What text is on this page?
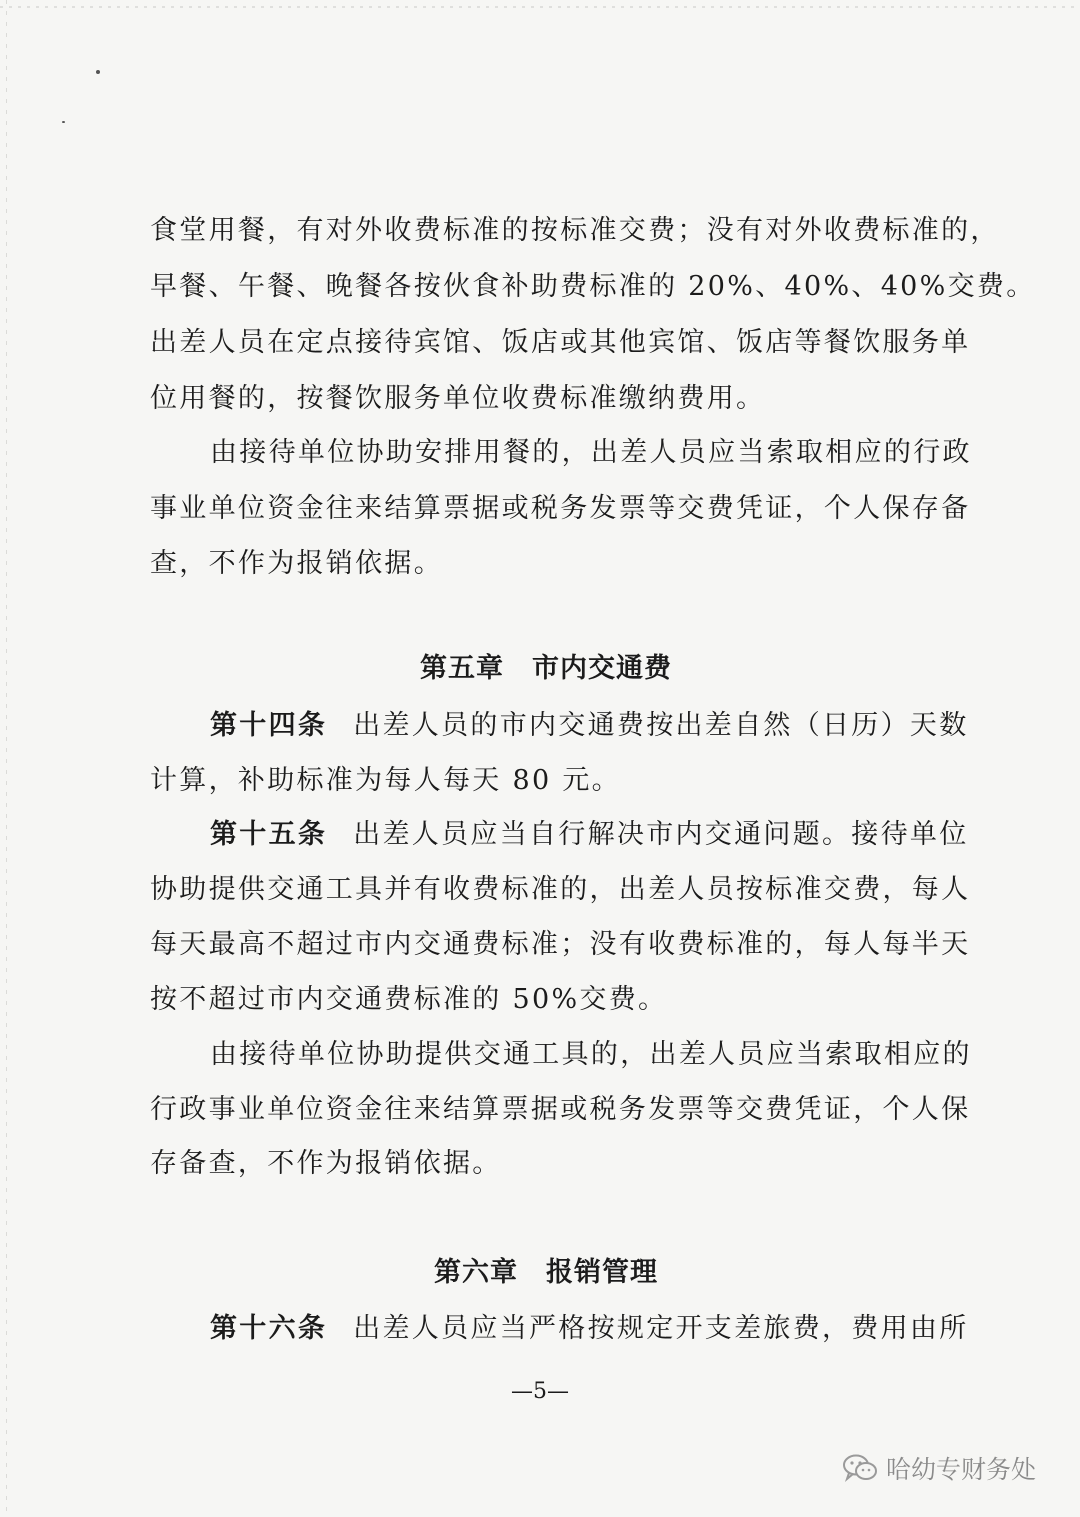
食堂用餐，有对外收费标准的按标准交费；没有对外收费标准的，
早餐、午餐、晚餐各按伙食补助费标准的 20%、40%、40%交费。
出差人员在定点接待宾馆、饭店或其他宾馆、饭店等餐饮服务单
位用餐的，按餐饮服务单位收费标准缴纳费用。
由接待单位协助安排用餐的，出差人员应当索取相应的行政
事业单位资金往来结算票据或税务发票等交费凭证，个人保存备
查，不作为报销依据。
第五章　市内交通费
第十四条 出差人员的市内交通费按出差自然（日历）天数
计算，补助标准为每人每天 80 元。
第十五条 出差人员应当自行解决市内交通问题。接待单位
协助提供交通工具并有收费标准的，出差人员按标准交费，每人
每天最高不超过市内交通费标准；没有收费标准的，每人每半天
按不超过市内交通费标准的 50%交费。
由接待单位协助提供交通工具的，出差人员应当索取相应的
行政事业单位资金往来结算票据或税务发票等交费凭证，个人保
存备查，不作为报销依据。
第六章　报销管理
第十六条 出差人员应当严格按规定开支差旅费，费用由所
—5—
哈幼专财务处
